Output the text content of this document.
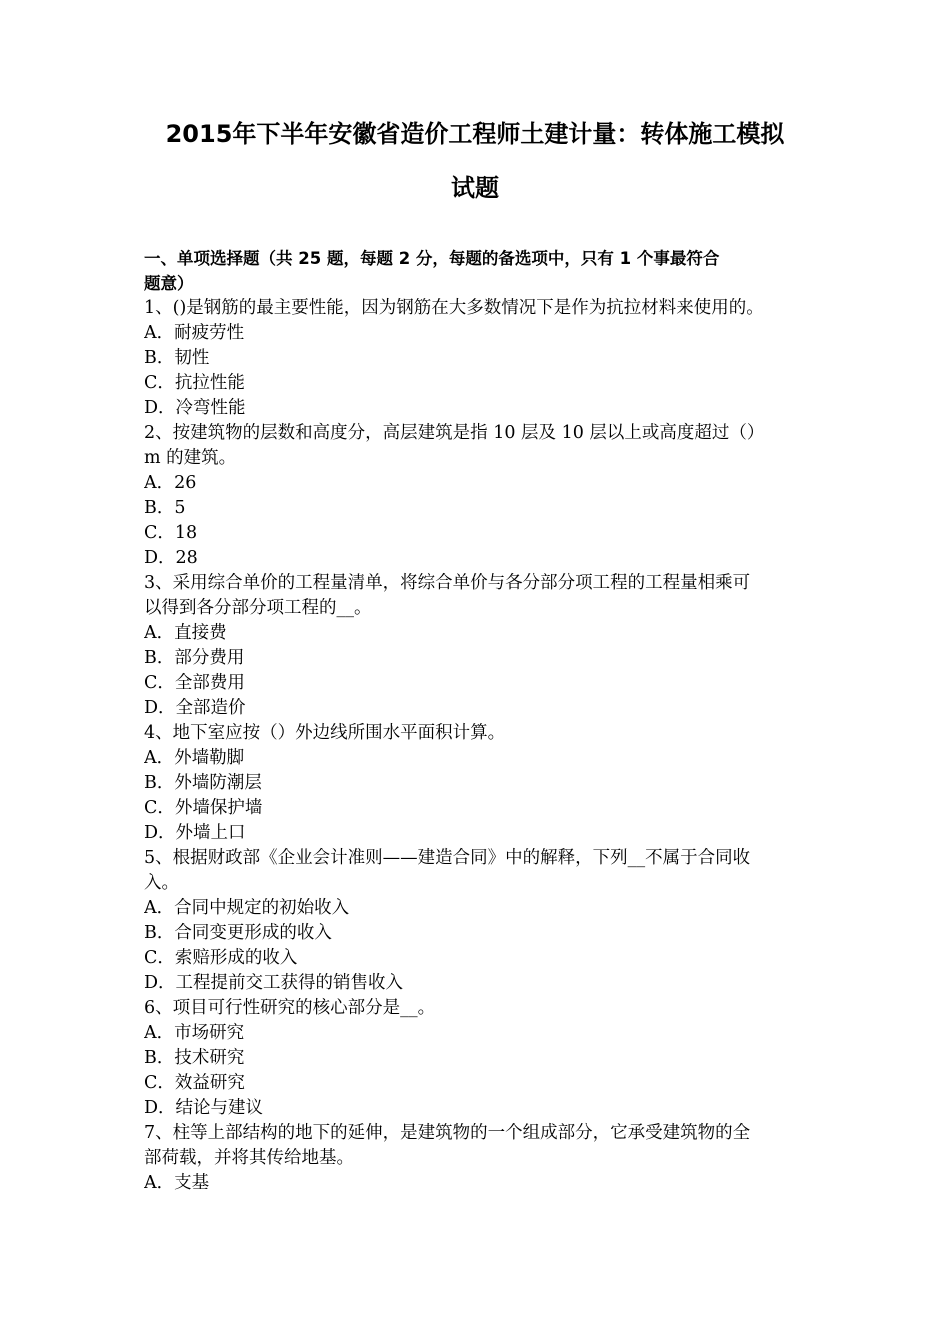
2015年下半年安徽省造价工程师土建计量：转体施工模拟
试题
一、单项选择题（共 25 题，每题 2 分，每题的备选项中，只有 1 个事最符合
题意）
1、()是钢筋的最主要性能，因为钢筋在大多数情况下是作为抗拉材料来使用的。
A．耐疲劳性
B．韧性
C．抗拉性能
D．冷弯性能
2、按建筑物的层数和高度分，高层建筑是指 10 层及 10 层以上或高度超过（）
m 的建筑。
A．26
B．5
C．18
D．28
3、采用综合单价的工程量清单，将综合单价与各分部分项工程的工程量相乘可
以得到各分部分项工程的__。
A．直接费
B．部分费用
C．全部费用
D．全部造价
4、地下室应按（）外边线所围水平面积计算。
A．外墙勒脚
B．外墙防潮层
C．外墙保护墙
D．外墙上口
5、根据财政部《企业会计准则——建造合同》中的解释，下列__不属于合同收
入。
A．合同中规定的初始收入
B．合同变更形成的收入
C．索赔形成的收入
D．工程提前交工获得的销售收入
6、项目可行性研究的核心部分是__。
A．市场研究
B．技术研究
C．效益研究
D．结论与建议
7、柱等上部结构的地下的延伸，是建筑物的一个组成部分，它承受建筑物的全
部荷载，并将其传给地基。
A．支基
